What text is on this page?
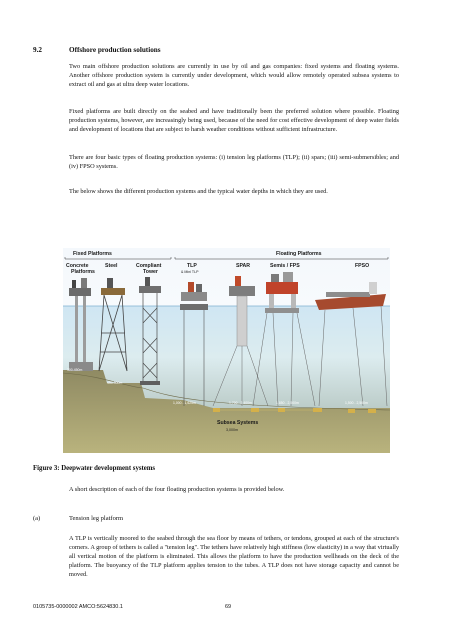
9.2	Offshore production solutions

Two main offshore production solutions are currently in use by oil and gas companies: fixed systems and floating systems. Another offshore production system is currently under development, which would allow remotely operated subsea systems to extract oil and gas at ultra deep water locations.

Fixed platforms are built directly on the seabed and have traditionally been the preferred solution where possible. Floating production systems, however, are increasingly being used, because of the need for cost effective development of deep water fields and development of locations that are subject to harsh weather conditions without sufficient infrastructure.

There are four basic types of floating production systems: (i) tension leg platforms (TLP); (ii) spars; (iii) semi-submersibles; and (iv) FPSO systems.

The below shows the different production systems and the typical water depths in which they are used.

Fixed Platforms	Floating Platforms
Concrete
Platforms
Steel	Compliant
Tower
TLP
& Mini TLP
SPAR	Semis / FPS	FPSO
300-450m
450-900m
1,000 - 1,625m	1,700 - 2,400m	1,850 - 2,500m	1,500 - 2,500m
Subsea Systems
3,000m
Figure 3: Deepwater development systems

A short description of each of the four floating production systems is provided below.

(a)	Tension leg platform

A TLP is vertically moored to the seabed through the sea floor by means of tethers, or tendons, grouped at each of the structure's corners. A group of tethers is called a "tension leg". The tethers have relatively high stiffness (low elasticity) in a way that virtually all vertical motion of the platform is eliminated. This allows the platform to have the production wellheads on the deck of the platform. The buoyancy of the TLP platform applies tension to the tubes. A TLP does not have storage capacity and cannot be moved.

0105735-0000002 AMCO:5624830.1	69
